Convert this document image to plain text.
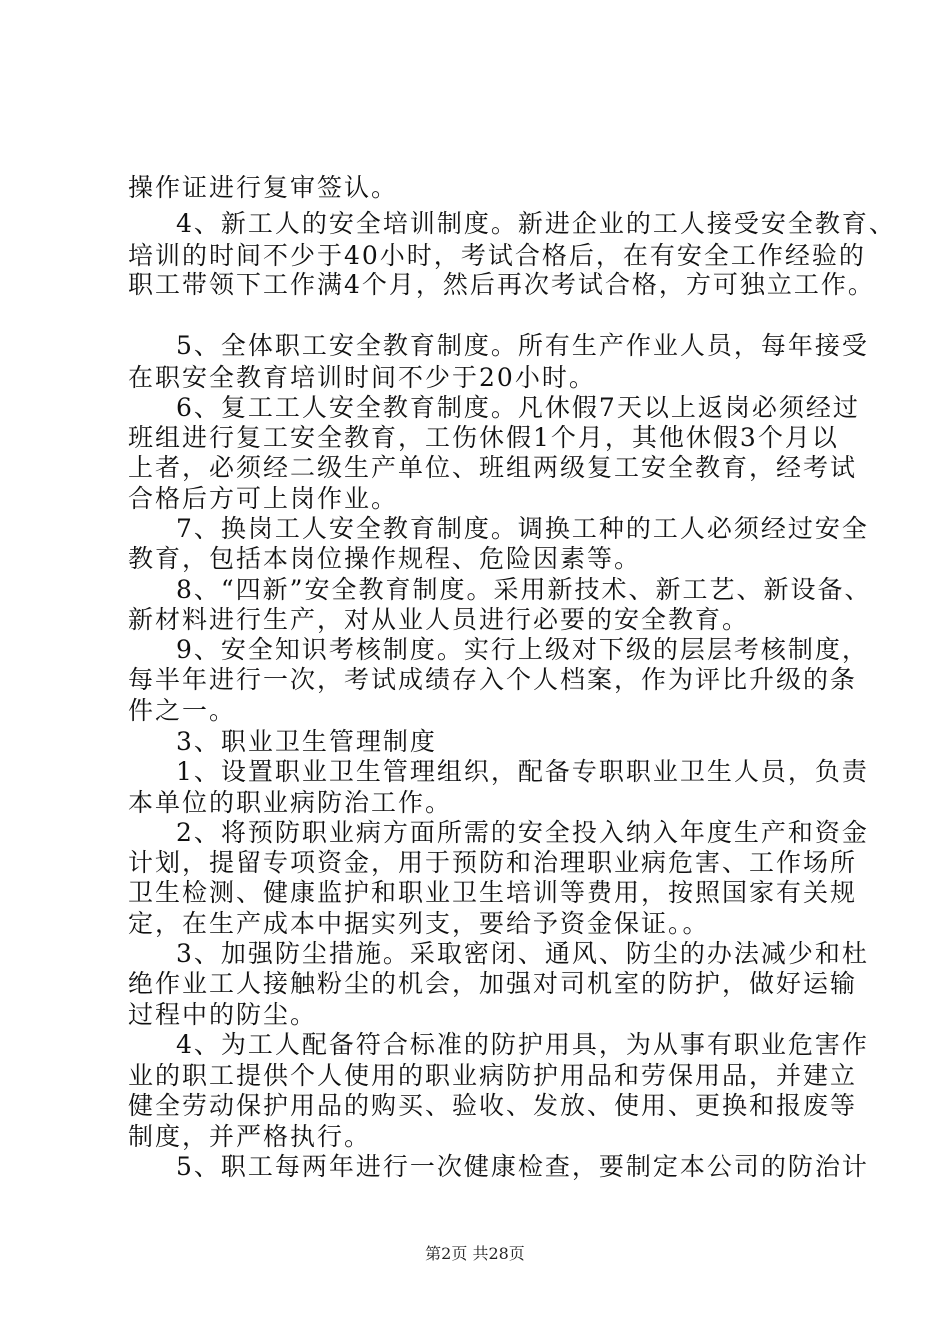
操作证进行复审签认。
4、新工人的安全培训制度。新进企业的工人接受安全教育、
培训的时间不少于40小时，考试合格后，在有安全工作经验的
职工带领下工作满4个月，然后再次考试合格，方可独立工作。
5、全体职工安全教育制度。所有生产作业人员，每年接受
在职安全教育培训时间不少于20小时。
6、复工工人安全教育制度。凡休假7天以上返岗必须经过
班组进行复工安全教育，工伤休假1个月，其他休假3个月以
上者，必须经二级生产单位、班组两级复工安全教育，经考试
合格后方可上岗作业。
7、换岗工人安全教育制度。调换工种的工人必须经过安全
教育，包括本岗位操作规程、危险因素等。
8、“四新”安全教育制度。采用新技术、新工艺、新设备、
新材料进行生产，对从业人员进行必要的安全教育。
9、安全知识考核制度。实行上级对下级的层层考核制度，
每半年进行一次，考试成绩存入个人档案，作为评比升级的条
件之一。
3、职业卫生管理制度
1、设置职业卫生管理组织，配备专职职业卫生人员，负责
本单位的职业病防治工作。
2、将预防职业病方面所需的安全投入纳入年度生产和资金
计划，提留专项资金，用于预防和治理职业病危害、工作场所
卫生检测、健康监护和职业卫生培训等费用，按照国家有关规
定，在生产成本中据实列支，要给予资金保证。。
3、加强防尘措施。采取密闭、通风、防尘的办法减少和杜
绝作业工人接触粉尘的机会，加强对司机室的防护，做好运输
过程中的防尘。
4、为工人配备符合标准的防护用具，为从事有职业危害作
业的职工提供个人使用的职业病防护用品和劳保用品，并建立
健全劳动保护用品的购买、验收、发放、使用、更换和报废等
制度，并严格执行。
5、职工每两年进行一次健康检查，要制定本公司的防治计
第2页 共28页
